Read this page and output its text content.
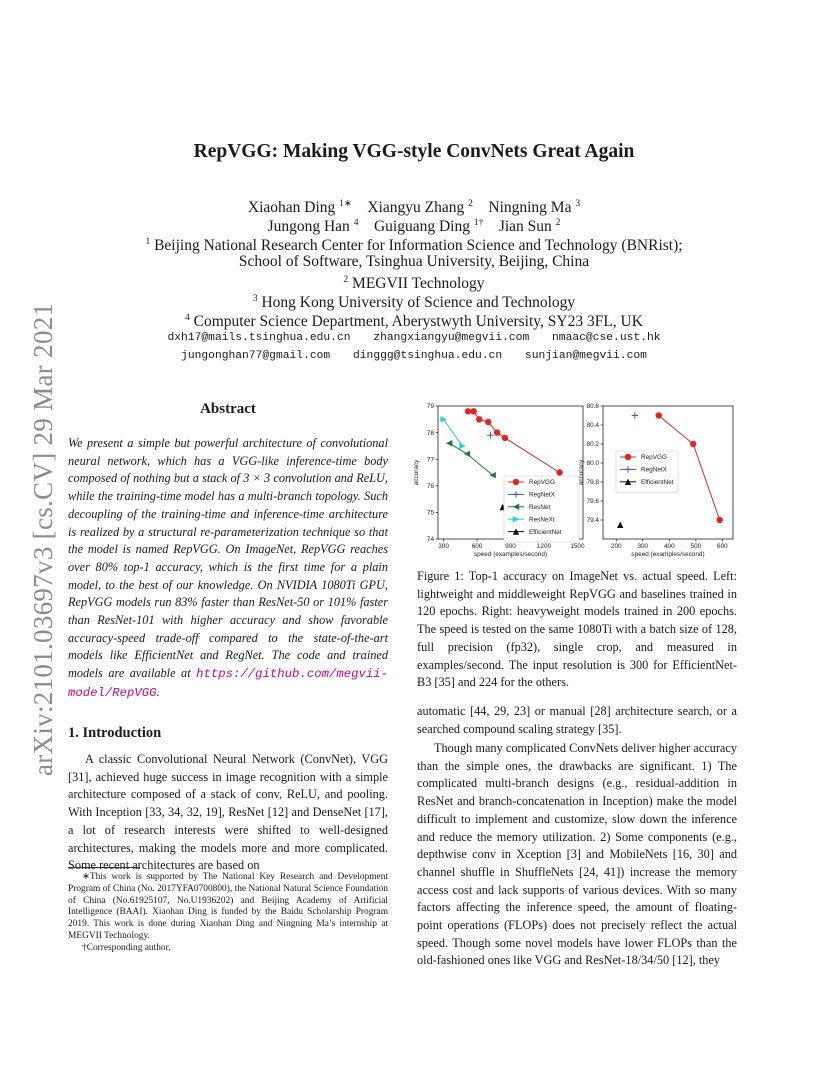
arXiv:2101.03697v3 [cs.CV] 29 Mar 2021
RepVGG: Making VGG-style ConvNets Great Again
Xiaohan Ding $^{1∗}$ Xiangyu Zhang $^2$ Ningning Ma $^3$
Jungong Han $^4$ Guiguang Ding $^{1\dagger}$ Jian Sun $^2$
$^1$ Beijing National Research Center for Information Science and Technology (BNRist);
School of Software, Tsinghua University, Beijing, China
$^2$ MEGVII Technology
$^3$ Hong Kong University of Science and Technology
$^4$ Computer Science Department, Aberystwyth University, SY23 3FL, UK
dxh17@mails.tsinghua.edu.cn zhangxiangyu@megvii.com nmaac@cse.ust.hk
jungonghan77@gmail.com dinggg@tsinghua.edu.cn sunjian@megvii.com
Abstract
We present a simple but powerful architecture of convolutional neural network, which has a VGG-like inference-time body composed of nothing but a stack of 3 × 3 convolution and ReLU, while the training-time model has a multi-branch topology. Such decoupling of the training-time and inference-time architecture is realized by a structural re-parameterization technique so that the model is named RepVGG. On ImageNet, RepVGG reaches over 80% top-1 accuracy, which is the first time for a plain model, to the best of our knowledge. On NVIDIA 1080Ti GPU, RepVGG models run 83% faster than ResNet-50 or 101% faster than ResNet-101 with higher accuracy and show favorable accuracy-speed trade-off compared to the state-of-the-art models like EfficientNet and RegNet. The code and trained models are available at https://github.com/megvii-model/RepVGG.
1. Introduction
A classic Convolutional Neural Network (ConvNet), VGG [31], achieved huge success in image recognition with a simple architecture composed of a stack of conv, ReLU, and pooling. With Inception [33, 34, 32, 19], ResNet [12] and DenseNet [17], a lot of research interests were shifted to well-designed architectures, making the models more and more complicated. Some recent architectures are based on

∗This work is supported by The National Key Research and Development Program of China (No. 2017YFA0700800), the National Natural Science Foundation of China (No.61925107, No.U1936202) and Beijing Academy of Artificial Intelligence (BAAI). Xiaohan Ding is funded by the Baidu Scholarship Program 2019. This work is done during Xiaohan Ding and Ningning Ma’s internship at MEGVII Technology.

†Corresponding author.

300	600	900	1200	1500
74
75
76
77
78
79
speed (examples/second)
accuracy	RepVGG
RegNetX
ResNet
ResNeXt
EfficientNet
200 300 400 500 600
79.4
79.6
79.8
80.0
80.2
80.4
80.6
speed (examples/second)
accuracy
RepVGG
RegNetX
EfficientNet
Figure 1: Top-1 accuracy on ImageNet vs. actual speed. Left: lightweight and middleweight RepVGG and baselines trained in 120 epochs. Right: heavyweight models trained in 200 epochs. The speed is tested on the same 1080Ti with a batch size of 128, full precision (fp32), single crop, and measured in examples/second. The input resolution is 300 for EfficientNet-B3 [35] and 224 for the others.
automatic [44, 29, 23] or manual [28] architecture search, or a searched compound scaling strategy [35].
Though many complicated ConvNets deliver higher accuracy than the simple ones, the drawbacks are significant. 1) The complicated multi-branch designs (e.g., residual-addition in ResNet and branch-concatenation in Inception) make the model difficult to implement and customize, slow down the inference and reduce the memory utilization. 2) Some components (e.g., depthwise conv in Xception [3] and MobileNets [16, 30] and channel shuffle in ShuffleNets [24, 41]) increase the memory access cost and lack supports of various devices. With so many factors affecting the inference speed, the amount of floating-point operations (FLOPs) does not precisely reflect the actual speed. Though some novel models have lower FLOPs than the old-fashioned ones like VGG and ResNet-18/34/50 [12], they
